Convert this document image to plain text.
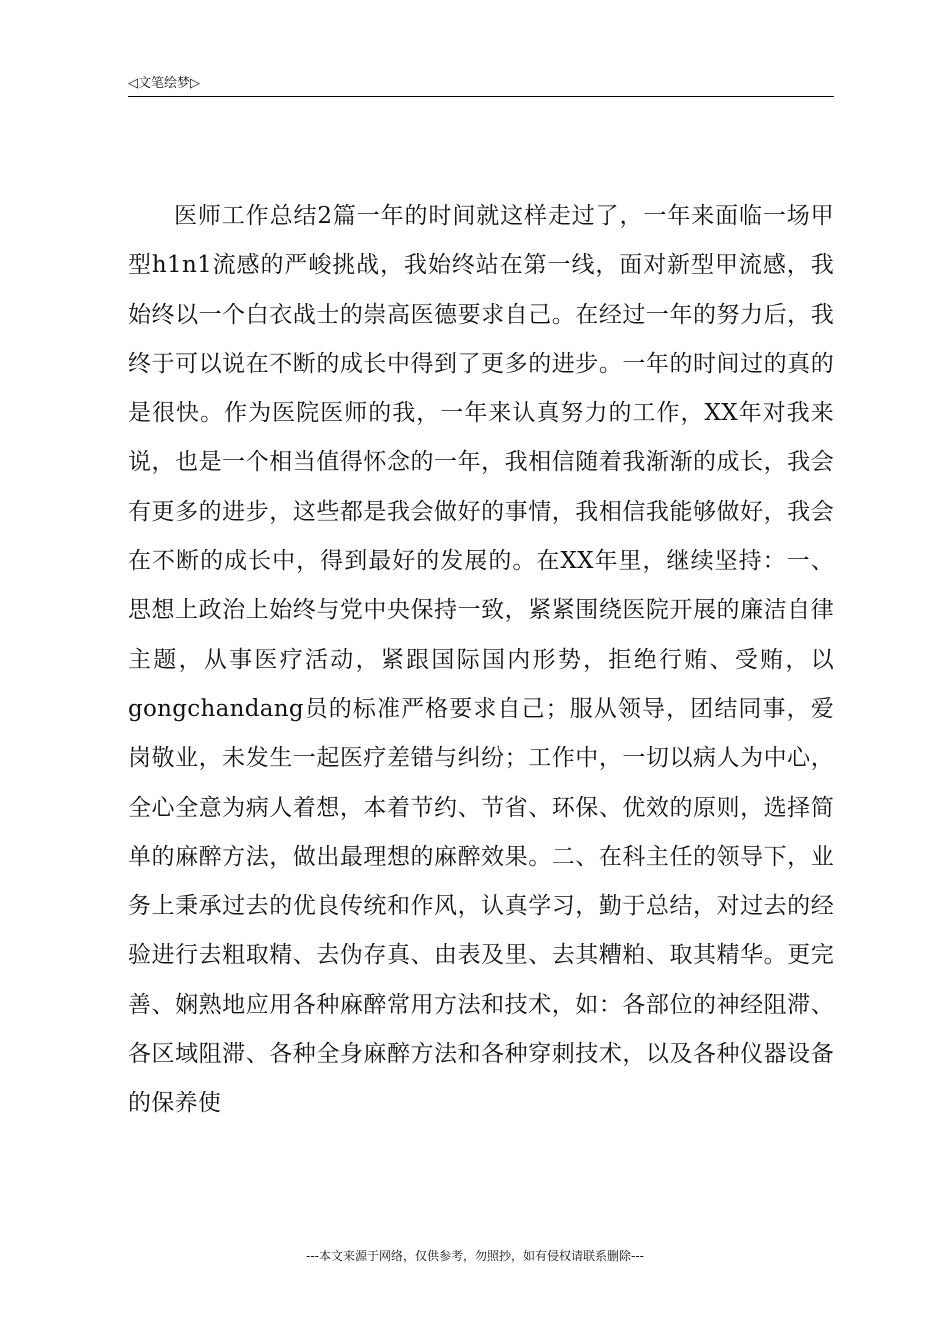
◁文笔绘梦▷

医师工作总结2篇一年的时间就这样走过了，一年来面临一场甲型h1n1流感的严峻挑战，我始终站在第一线，面对新型甲流感，我始终以一个白衣战士的崇高医德要求自己。在经过一年的努力后，我终于可以说在不断的成长中得到了更多的进步。一年的时间过的真的是很快。作为医院医师的我，一年来认真努力的工作，XX年对我来说，也是一个相当值得怀念的一年，我相信随着我渐渐的成长，我会有更多的进步，这些都是我会做好的事情，我相信我能够做好，我会在不断的成长中，得到最好的发展的。在XX年里，继续坚持：一、思想上政治上始终与党中央保持一致，紧紧围绕医院开展的廉洁自律主题，从事医疗活动，紧跟国际国内形势，拒绝行贿、受贿，以gongchandang员的标准严格要求自己；服从领导，团结同事，爱岗敬业，未发生一起医疗差错与纠纷；工作中，一切以病人为中心，全心全意为病人着想，本着节约、节省、环保、优效的原则，选择简单的麻醉方法，做出最理想的麻醉效果。二、在科主任的领导下，业务上秉承过去的优良传统和作风，认真学习，勤于总结，对过去的经验进行去粗取精、去伪存真、由表及里、去其糟粕、取其精华。更完善、娴熟地应用各种麻醉常用方法和技术，如：各部位的神经阻滞、各区域阻滞、各种全身麻醉方法和各种穿刺技术，以及各种仪器设备的保养使

---本文来源于网络，仅供参考，勿照抄，如有侵权请联系删除---
